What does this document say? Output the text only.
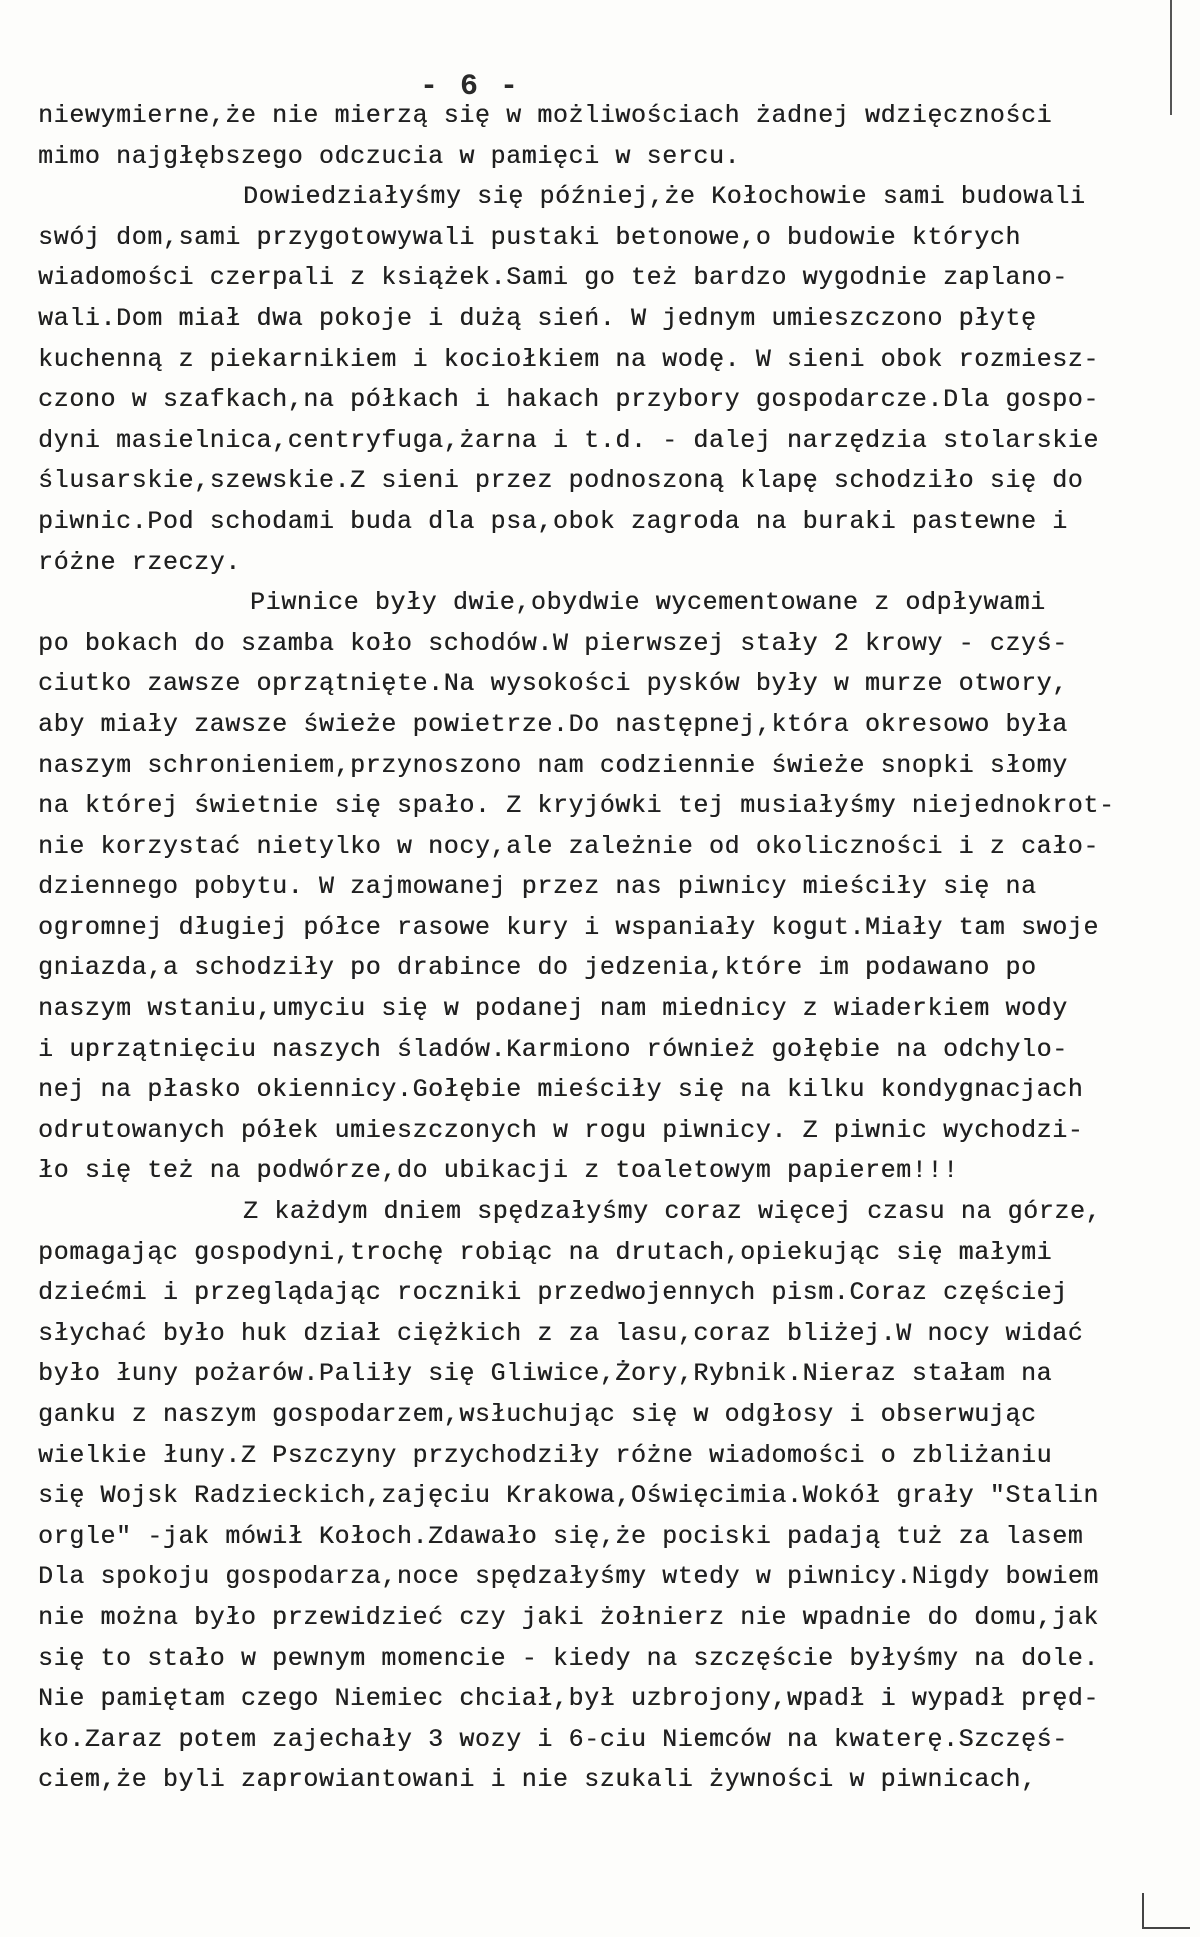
- 6 -
niewymierne,że nie mierzą się w możliwościach żadnej wdzięczności
mimo najgłębszego odczucia w pamięci w sercu.
Dowiedziałyśmy się później,że Kołochowie sami budowali
swój dom,sami przygotowywali pustaki betonowe,o budowie których
wiadomości czerpali z książek.Sami go też bardzo wygodnie zaplano-
wali.Dom miał dwa pokoje i dużą sień. W jednym umieszczono płytę
kuchenną z piekarnikiem i kociołkiem na wodę. W sieni obok rozmiesz-
czono w szafkach,na półkach i hakach przybory gospodarcze.Dla gospo-
dyni masielnica,centryfuga,żarna i t.d. - dalej narzędzia stolarskie
ślusarskie,szewskie.Z sieni przez podnoszoną klapę schodziło się do
piwnic.Pod schodami buda dla psa,obok zagroda na buraki pastewne i
różne rzeczy.
Piwnice były dwie,obydwie wycementowane z odpływami
po bokach do szamba koło schodów.W pierwszej stały 2 krowy - czyś-
ciutko zawsze oprzątnięte.Na wysokości pysków były w murze otwory,
aby miały zawsze świeże powietrze.Do następnej,która okresowo była
naszym schronieniem,przynoszono nam codziennie świeże snopki słomy
na której świetnie się spało. Z kryjówki tej musiałyśmy niejednokrot-
nie korzystać nietylko w nocy,ale zależnie od okoliczności i z cało-
dziennego pobytu. W zajmowanej przez nas piwnicy mieściły się na
ogromnej długiej półce rasowe kury i wspaniały kogut.Miały tam swoje
gniazda,a schodziły po drabince do jedzenia,które im podawano po
naszym wstaniu,umyciu się w podanej nam miednicy z wiaderkiem wody
i uprzątnięciu naszych śladów.Karmiono również gołębie na odchylo-
nej na płasko okiennicy.Gołębie mieściły się na kilku kondygnacjach
odrutowanych półek umieszczonych w rogu piwnicy. Z piwnic wychodzi-
ło się też na podwórze,do ubikacji z toaletowym papierem!!!
Z każdym dniem spędzałyśmy coraz więcej czasu na górze,
pomagając gospodyni,trochę robiąc na drutach,opiekując się małymi
dziećmi i przeglądając roczniki przedwojennych pism.Coraz częściej
słychać było huk dział ciężkich z za lasu,coraz bliżej.W nocy widać
było łuny pożarów.Paliły się Gliwice,Żory,Rybnik.Nieraz stałam na
ganku z naszym gospodarzem,wsłuchując się w odgłosy i obserwując
wielkie łuny.Z Pszczyny przychodziły różne wiadomości o zbliżaniu
się Wojsk Radzieckich,zajęciu Krakowa,Oświęcimia.Wokół grały "Stalin
orgle" -jak mówił Kołoch.Zdawało się,że pociski padają tuż za lasem
Dla spokoju gospodarza,noce spędzałyśmy wtedy w piwnicy.Nigdy bowiem
nie można było przewidzieć czy jaki żołnierz nie wpadnie do domu,jak
się to stało w pewnym momencie - kiedy na szczęście byłyśmy na dole.
Nie pamiętam czego Niemiec chciał,był uzbrojony,wpadł i wypadł pręd-
ko.Zaraz potem zajechały 3 wozy i 6-ciu Niemców na kwaterę.Szczęś-
ciem,że byli zaprowiantowani i nie szukali żywności w piwnicach,
